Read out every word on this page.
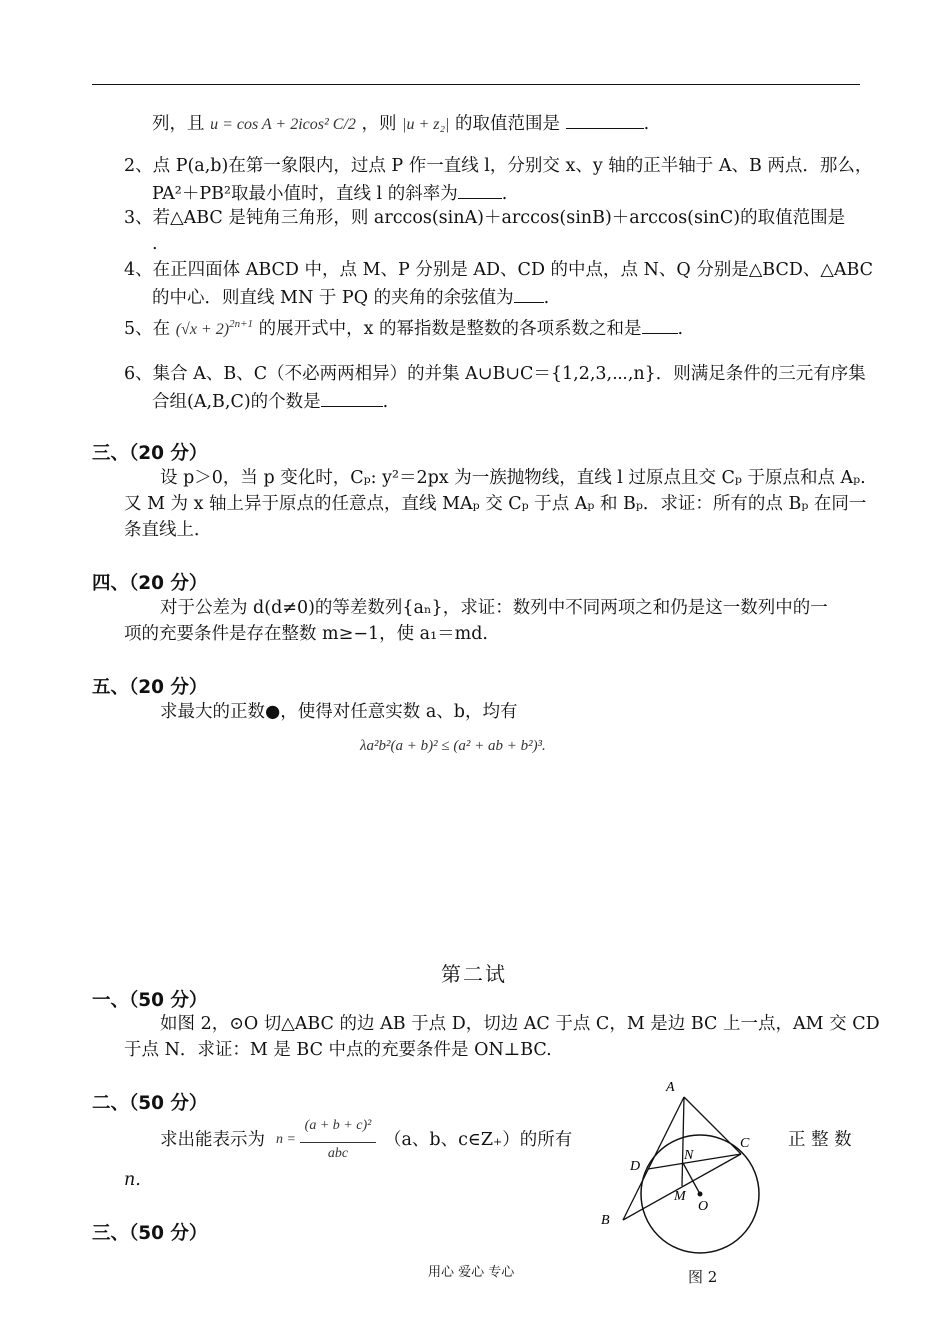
列，且 u = cos A + 2icos² C/2 ，则 |u + z₂| 的取值范围是	.
2、点 P(a,b)在第一象限内，过点 P 作一直线 l，分别交 x、y 轴的正半轴于 A、B 两点．那么，
PA²＋PB²取最小值时，直线 l 的斜率为	.
3、若△ABC 是钝角三角形，则 arccos(sinA)＋arccos(sinB)＋arccos(sinC)的取值范围是
.
4、在正四面体 ABCD 中，点 M、P 分别是 AD、CD 的中点，点 N、Q 分别是△BCD、△ABC
的中心．则直线 MN 于 PQ 的夹角的余弦值为 .
5、在 $(√x + 2)^{2n+1}$ 的展开式中，x 的幂指数是整数的各项系数之和是 .
6、集合 A、B、C（不必两两相异）的并集 A∪B∪C＝{1,2,3,⋯,n}．则满足条件的三元有序集
合组(A,B,C)的个数是	.
三、（20 分）
设 p＞0，当 p 变化时，Cₚ: y²＝2px 为一族抛物线，直线 l 过原点且交 Cₚ 于原点和点 Aₚ.
又 M 为 x 轴上异于原点的任意点，直线 MAₚ 交 Cₚ 于点 Aₚ 和 Bₚ．求证：所有的点 Bₚ 在同一
条直线上．
四、（20 分）
对于公差为 d(d≠0)的等差数列{aₙ}，求证：数列中不同两项之和仍是这一数列中的一
项的充要条件是存在整数 m≥−1，使 a₁＝md.
五、（20 分）
求最大的正数●，使得对任意实数 a、b，均有
λa²b²(a + b)² ≤ (a² + ab + b²)³.
第二试
一、（50 分）
如图 2，⊙O 切△ABC 的边 AB 于点 D，切边 AC 于点 C，M 是边 BC 上一点，AM 交 CD
于点 N．求证：M 是 BC 中点的充要条件是 ON⊥BC.
二、（50 分）
求出能表示为 n =
(a + b + c)²
abc
（a、b、c∈Z₊）的所有	正 整 数
n.
三、（50 分）
A
B
C
D
N
M
O
图 2
用心 爱心 专心
